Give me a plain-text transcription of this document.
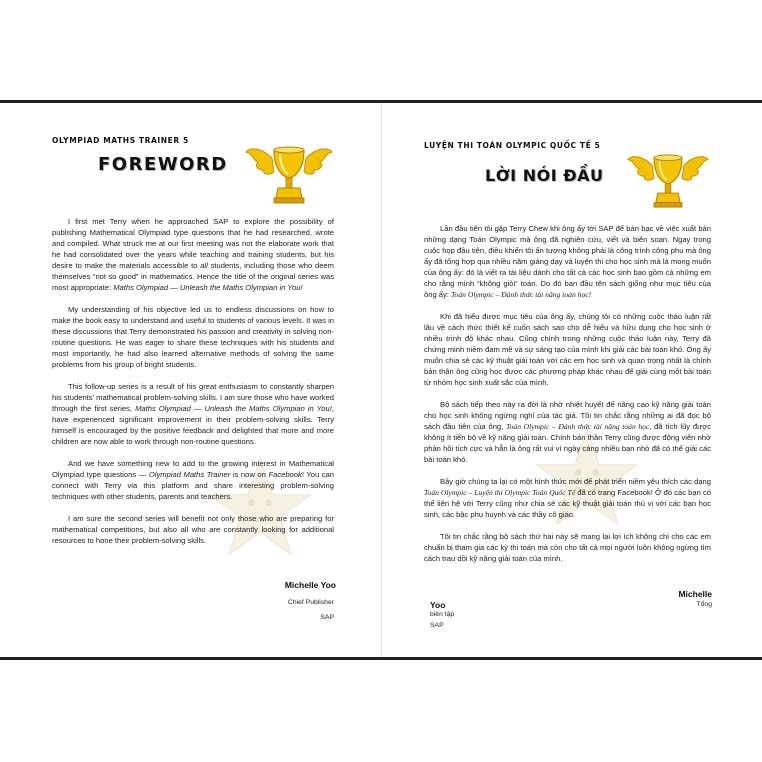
OLYMPIAD MATHS TRAINER 5
FOREWORD

I first met Terry when he approached SAP to explore the possibility of publishing Mathematical Olympiad type questions that he had researched, wrote and compiled. What struck me at our first meeting was not the elaborate work that he had consolidated over the years while teaching and training students, but his desire to make the materials accessible to all students, including those who deem themselves “not so good” in mathematics. Hence the title of the original series was most appropriate: Maths Olympiad — Unleash the Maths Olympian in You!

My understanding of his objective led us to endless discussions on how to make the book easy to understand and useful to students of various levels. It was in these discussions that Terry demonstrated his passion and creativity in solving non-routine questions. He was eager to share these techniques with his students and most importantly, he had also learned alternative methods of solving the same problems from his group of bright students.

This follow-up series is a result of his great enthusiasm to constantly sharpen his students’ mathematical problem-solving skills. I am sure those who have worked through the first series, Maths Olympiad — Unleash the Maths Olympian in You!, have experienced significant improvement in their problem-solving skills. Terry himself is encouraged by the positive feedback and delighted that more and more children are now able to work through non-routine questions.

And we have something new to add to the growing interest in Mathematical Olympiad type questions — Olympiad Maths Trainer is now on Facebook! You can connect with Terry via this platform and share interesting problem-solving techniques with other students, parents and teachers.

I am sure the second series will benefit not only those who are preparing for mathematical competitions, but also all who are constantly looking for additional resources to hone their problem-solving skills.

Michelle Yoo
Chief Publisher
SAP
LUYỆN THI TOÁN OLYMPIC QUỐC TẾ 5
LỜI NÓI ĐẦU

Lần đầu tiên tôi gặp Terry Chew khi ông ấy tới SAP để bàn bạc về việc xuất bản những dạng Toán Olympic mà ông đã nghiên cứu, viết và biên soạn. Ngay trong cuộc họp đầu tiên, điều khiến tôi ấn tượng không phải là công trình công phu mà ông ấy đã tổng hợp qua nhiều năm giảng dạy và luyện thi cho học sinh mà là mong muốn của ông ấy: đó là viết ra tài liệu dành cho tất cả các học sinh bao gồm cả những em cho rằng mình “không giỏi” toán. Do đó ban đầu tên sách giống như mục tiêu của ông ấy: Toán Olympic – Đánh thức tài năng toán học!

Khi đã hiểu được mục tiêu của ông ấy, chúng tôi có những cuộc thảo luận rất lâu về cách thức thiết kế cuốn sách sao cho dễ hiểu và hữu dụng cho học sinh ở nhiều trình độ khác nhau. Cũng chính trong những cuộc thảo luận này, Terry đã chứng minh niềm đam mê và sự sáng tạo của mình khi giải các bài toán khó. Ông ấy muốn chia sẻ các kỹ thuật giải toán với các em học sinh và quan trọng nhất là chính bản thân ông cũng học được các phương pháp khác nhau để giải cùng một bài toán từ nhóm học sinh xuất sắc của mình.

Bộ sách tiếp theo này ra đời là nhờ nhiệt huyết để nâng cao kỹ năng giải toán cho học sinh không ngừng nghỉ của tác giả. Tôi tin chắc rằng những ai đã đọc bộ sách đầu tiên của ông, Toán Olympic – Đánh thức tài năng toán học, đã tích lũy được không ít tiến bộ về kỹ năng giải toán. Chính bản thân Terry cũng được động viên nhờ phản hồi tích cực và hẳn là ông rất vui vì ngày càng nhiều bạn nhỏ đã có thể giải các bài toán khó.

Bây giờ chúng ta lại có một hình thức mới để phát triển niềm yêu thích các dạng Toán Olympic – Luyện thi Olympic Toán Quốc Tế đã có trang Facebook! Ở đó các bạn có thể liên hệ với Terry cũng như chia sẻ các kỹ thuật giải toán thú vị với các bạn học sinh, các bậc phụ huynh và các thầy cô giáo.

Tôi tin chắc rằng bộ sách thứ hai này sẽ mang lại lợi ích không chỉ cho các em chuẩn bị tham gia các kỳ thi toán mà còn cho tất cả mọi người luôn không ngừng tìm cách trau dồi kỹ năng giải toán của mình.

Yoo
biên tập
SAP
Michelle
Tổng
